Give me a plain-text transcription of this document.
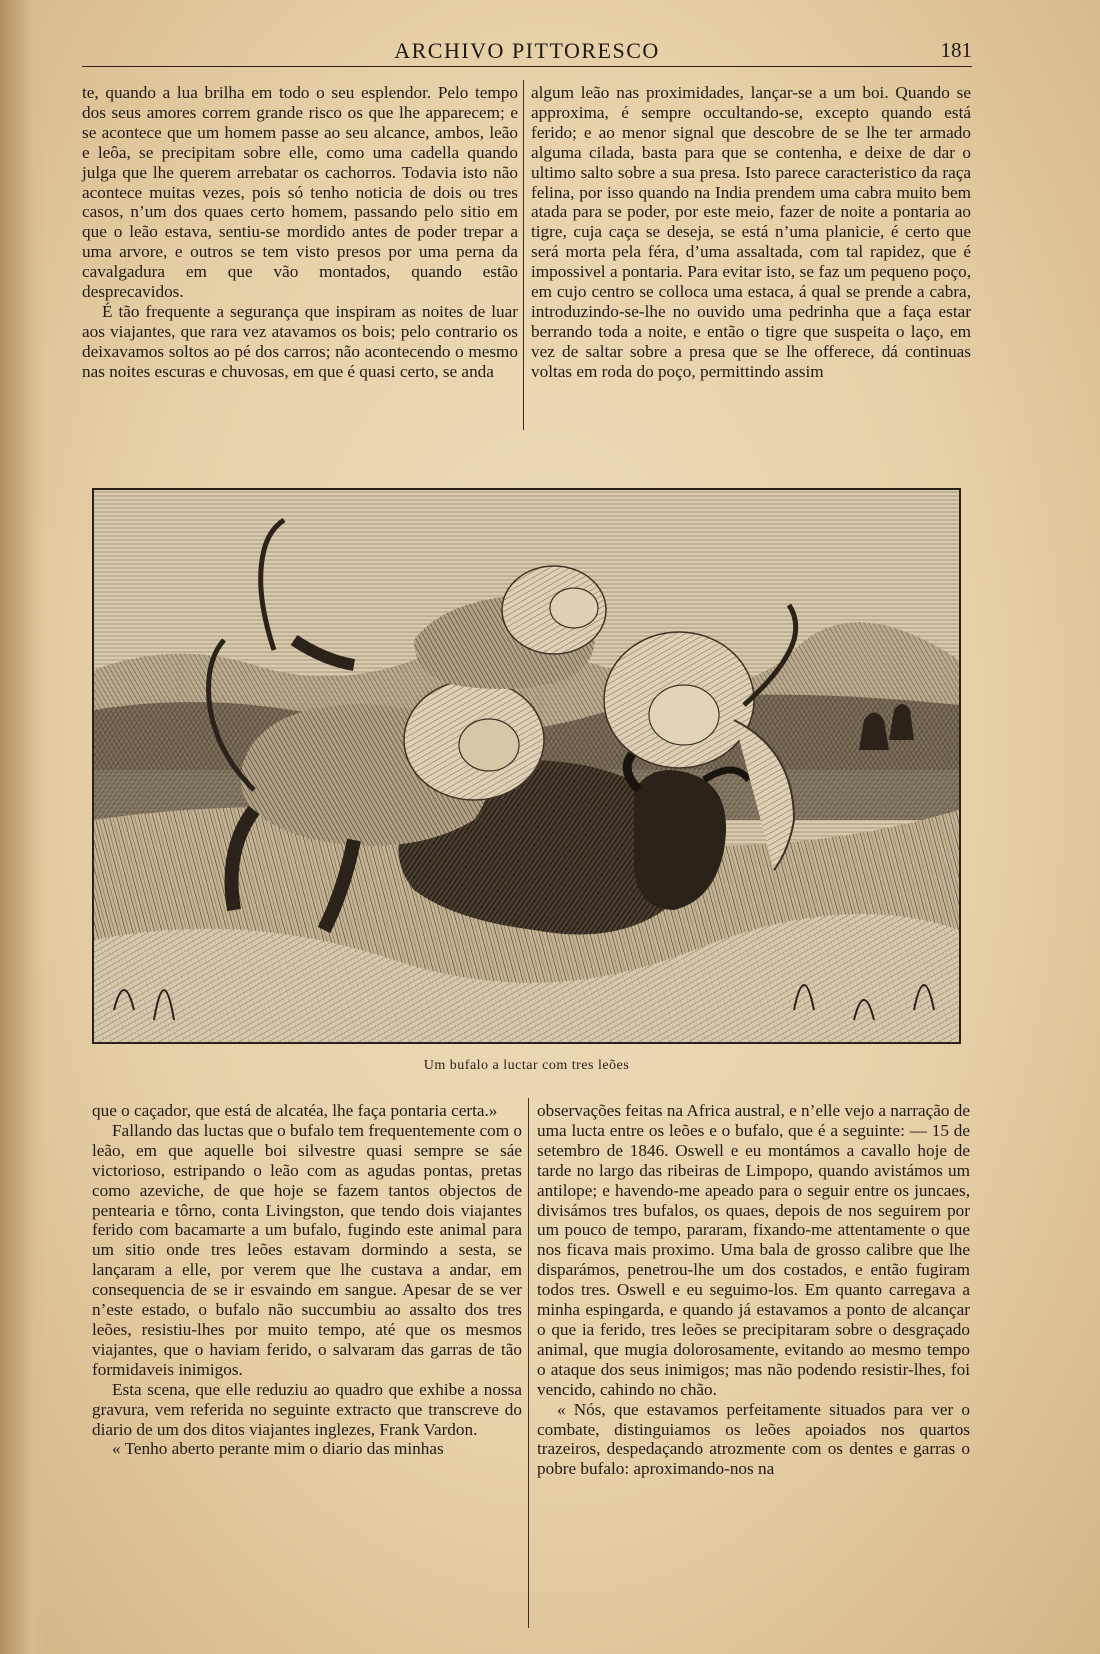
ARCHIVO PITTORESCO	181

te, quando a lua brilha em todo o seu esplendor. Pelo tempo dos seus amores correm grande risco os que lhe apparecem; e se acontece que um homem passe ao seu alcance, ambos, leão e leôa, se precipitam sobre elle, como uma cadella quando julga que lhe querem arrebatar os cachorros. Todavia isto não acontece muitas vezes, pois só tenho noticia de dois ou tres casos, n’um dos quaes certo homem, passando pelo sitio em que o leão estava, sentiu-se mordido antes de poder trepar a uma arvore, e outros se tem visto presos por uma perna da cavalgadura em que vão montados, quando estão desprecavidos.

É tão frequente a segurança que inspiram as noites de luar aos viajantes, que rara vez atavamos os bois; pelo contrario os deixavamos soltos ao pé dos carros; não acontecendo o mesmo nas noites escuras e chuvosas, em que é quasi certo, se anda

algum leão nas proximidades, lançar-se a um boi. Quando se approxima, é sempre occultando-se, excepto quando está ferido; e ao menor signal que descobre de se lhe ter armado alguma cilada, basta para que se contenha, e deixe de dar o ultimo salto sobre a sua presa. Isto parece caracteristico da raça felina, por isso quando na India prendem uma cabra muito bem atada para se poder, por este meio, fazer de noite a pontaria ao tigre, cuja caça se deseja, se está n’uma planicie, é certo que será morta pela féra, d’uma assaltada, com tal rapidez, que é impossivel a pontaria. Para evitar isto, se faz um pequeno poço, em cujo centro se colloca uma estaca, á qual se prende a cabra, introduzindo-se-lhe no ouvido uma pedrinha que a faça estar berrando toda a noite, e então o tigre que suspeita o laço, em vez de saltar sobre a presa que se lhe offerece, dá continuas voltas em roda do poço, permittindo assim

Um bufalo a luctar com tres leões

que o caçador, que está de alcatéa, lhe faça pontaria certa.»

Fallando das luctas que o bufalo tem frequentemente com o leão, em que aquelle boi silvestre quasi sempre se sáe victorioso, estripando o leão com as agudas pontas, pretas como azeviche, de que hoje se fazem tantos objectos de pentearia e tôrno, conta Livingston, que tendo dois viajantes ferido com bacamarte a um bufalo, fugindo este animal para um sitio onde tres leões estavam dormindo a sesta, se lançaram a elle, por verem que lhe custava a andar, em consequencia de se ir esvaindo em sangue. Apesar de se ver n’este estado, o bufalo não succumbiu ao assalto dos tres leões, resistiu-lhes por muito tempo, até que os mesmos viajantes, que o haviam ferido, o salvaram das garras de tão formidaveis inimigos.

Esta scena, que elle reduziu ao quadro que exhibe a nossa gravura, vem referida no seguinte extracto que transcreve do diario de um dos ditos viajantes inglezes, Frank Vardon.

« Tenho aberto perante mim o diario das minhas

observações feitas na Africa austral, e n’elle vejo a narração de uma lucta entre os leões e o bufalo, que é a seguinte: — 15 de setembro de 1846. Oswell e eu montámos a cavallo hoje de tarde no largo das ribeiras de Limpopo, quando avistámos um antilope; e havendo-me apeado para o seguir entre os juncaes, divisámos tres bufalos, os quaes, depois de nos seguirem por um pouco de tempo, pararam, fixando-me attentamente o que nos ficava mais proximo. Uma bala de grosso calibre que lhe disparámos, penetrou-lhe um dos costados, e então fugiram todos tres. Oswell e eu seguimo-los. Em quanto carregava a minha espingarda, e quando já estavamos a ponto de alcançar o que ia ferido, tres leões se precipitaram sobre o desgraçado animal, que mugia dolorosamente, evitando ao mesmo tempo o ataque dos seus inimigos; mas não podendo resistir-lhes, foi vencido, cahindo no chão.

« Nós, que estavamos perfeitamente situados para ver o combate, distinguiamos os leões apoiados nos quartos trazeiros, despedaçando atrozmente com os dentes e garras o pobre bufalo: aproximando-nos na
